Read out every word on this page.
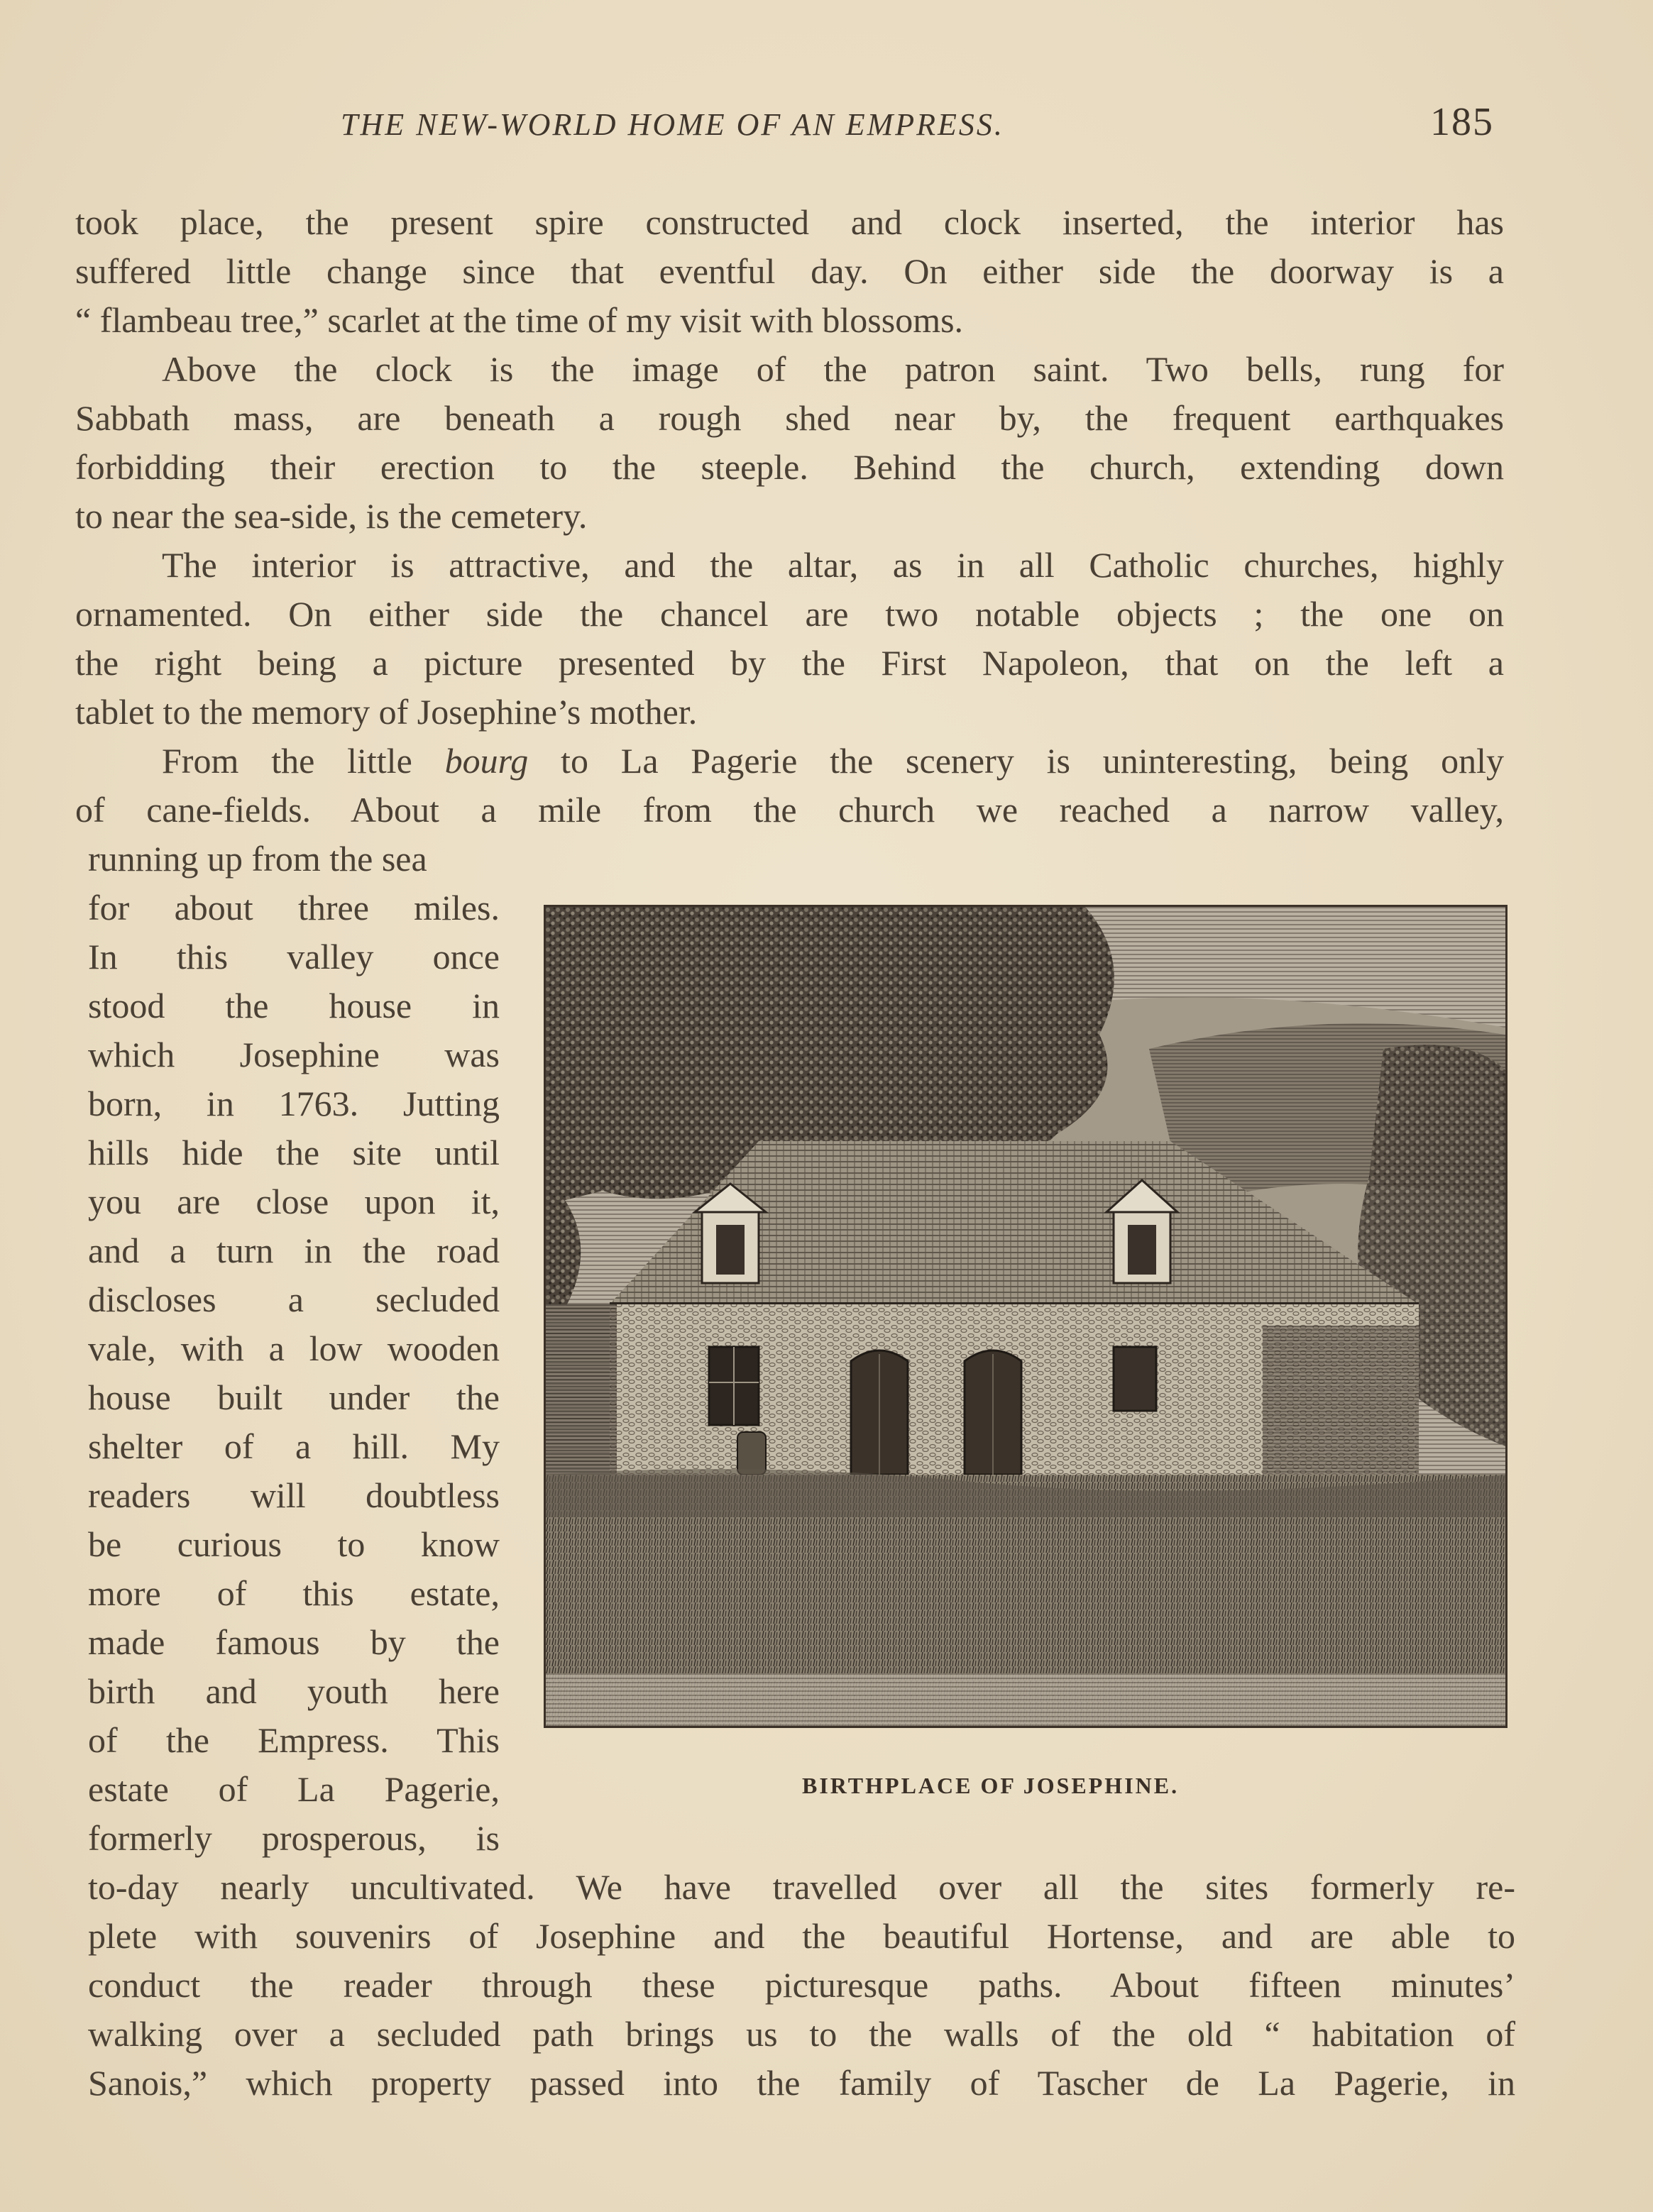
THE NEW-WORLD HOME OF AN EMPRESS.	185
took place, the present spire constructed and clock inserted, the interior has
suffered little change since that eventful day. On either side the doorway is a
“ flambeau tree,” scarlet at the time of my visit with blossoms.
Above the clock is the image of the patron saint. Two bells, rung for
Sabbath mass, are beneath a rough shed near by, the frequent earthquakes
forbidding their erection to the steeple. Behind the church, extending down
to near the sea-side, is the cemetery.
The interior is attractive, and the altar, as in all Catholic churches, highly
ornamented. On either side the chancel are two notable objects ; the one on
the right being a picture presented by the First Napoleon, that on the left a
tablet to the memory of Josephine’s mother.
From the little bourg to La Pagerie the scenery is uninteresting, being only
of cane-fields. About a mile from the church we reached a narrow valley,
running up from the sea
for about three miles.
In this valley once
stood the house in
which Josephine was
born, in 1763. Jutting
hills hide the site until
you are close upon it,
and a turn in the road
discloses a secluded
vale, with a low wooden
house built under the
shelter of a hill. My
readers will doubtless
be curious to know
more of this estate,
made famous by the
birth and youth here
of the Empress. This
estate of La Pagerie,
formerly prosperous, is
to-day nearly uncultivated. We have travelled over all the sites formerly re-
plete with souvenirs of Josephine and the beautiful Hortense, and are able to
conduct the reader through these picturesque paths. About fifteen minutes’
walking over a secluded path brings us to the walls of the old “ habitation of
Sanois,” which property passed into the family of Tascher de La Pagerie, in
BIRTHPLACE OF JOSEPHINE.
